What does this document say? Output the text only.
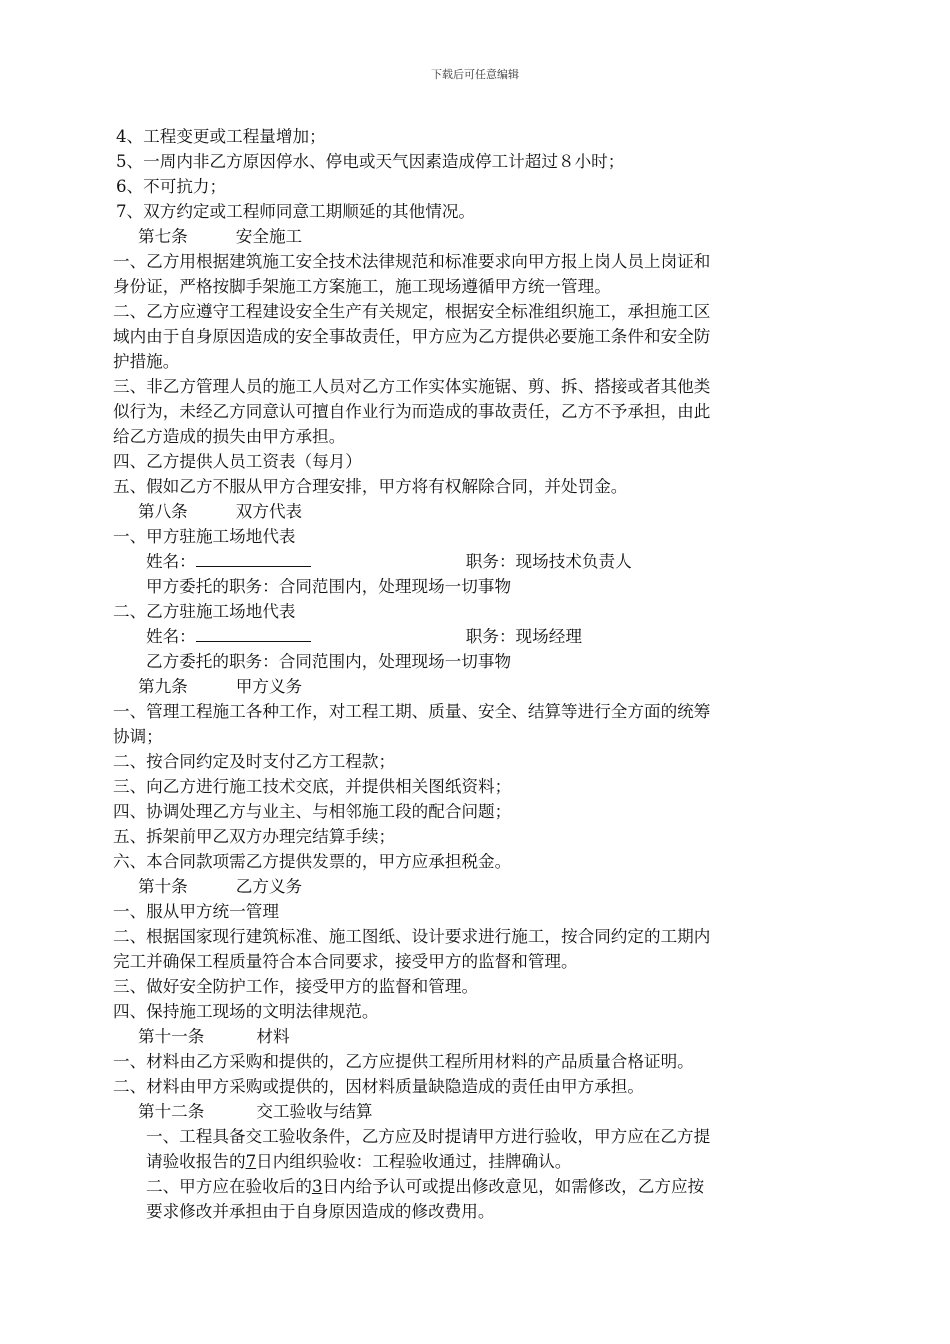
下载后可任意编辑
4、工程变更或工程量增加；
5、一周内非乙方原因停水、停电或天气因素造成停工计超过８小时；
6、不可抗力；
7、双方约定或工程师同意工期顺延的其他情况。
第七条	安全施工
一、乙方用根据建筑施工安全技术法律规范和标准要求向甲方报上岗人员上岗证和
身份证，严格按脚手架施工方案施工，施工现场遵循甲方统一管理。
二、乙方应遵守工程建设安全生产有关规定，根据安全标准组织施工，承担施工区
域内由于自身原因造成的安全事故责任，甲方应为乙方提供必要施工条件和安全防
护措施。
三、非乙方管理人员的施工人员对乙方工作实体实施锯、剪、拆、搭接或者其他类
似行为，未经乙方同意认可擅自作业行为而造成的事故责任，乙方不予承担，由此
给乙方造成的损失由甲方承担。
四、乙方提供人员工资表（每月）
五、假如乙方不服从甲方合理安排，甲方将有权解除合同，并处罚金。
第八条	双方代表
一、甲方驻施工场地代表
姓名：	职务：现场技术负责人
甲方委托的职务：合同范围内，处理现场一切事物
二、乙方驻施工场地代表
姓名：	职务：现场经理
乙方委托的职务：合同范围内，处理现场一切事物
第九条	甲方义务
一、管理工程施工各种工作，对工程工期、质量、安全、结算等进行全方面的统筹
协调；
二、按合同约定及时支付乙方工程款；
三、向乙方进行施工技术交底，并提供相关图纸资料；
四、协调处理乙方与业主、与相邻施工段的配合问题；
五、拆架前甲乙双方办理完结算手续；
六、本合同款项需乙方提供发票的，甲方应承担税金。
第十条	乙方义务
一、服从甲方统一管理
二、根据国家现行建筑标准、施工图纸、设计要求进行施工，按合同约定的工期内
完工并确保工程质量符合本合同要求，接受甲方的监督和管理。
三、做好安全防护工作，接受甲方的监督和管理。
四、保持施工现场的文明法律规范。
第十一条	材料
一、材料由乙方采购和提供的，乙方应提供工程所用材料的产品质量合格证明。
二、材料由甲方采购或提供的，因材料质量缺隐造成的责任由甲方承担。
第十二条	交工验收与结算
一、工程具备交工验收条件，乙方应及时提请甲方进行验收，甲方应在乙方提
请验收报告的7日内组织验收：工程验收通过，挂牌确认。
二、甲方应在验收后的3日内给予认可或提出修改意见，如需修改，乙方应按
要求修改并承担由于自身原因造成的修改费用。
